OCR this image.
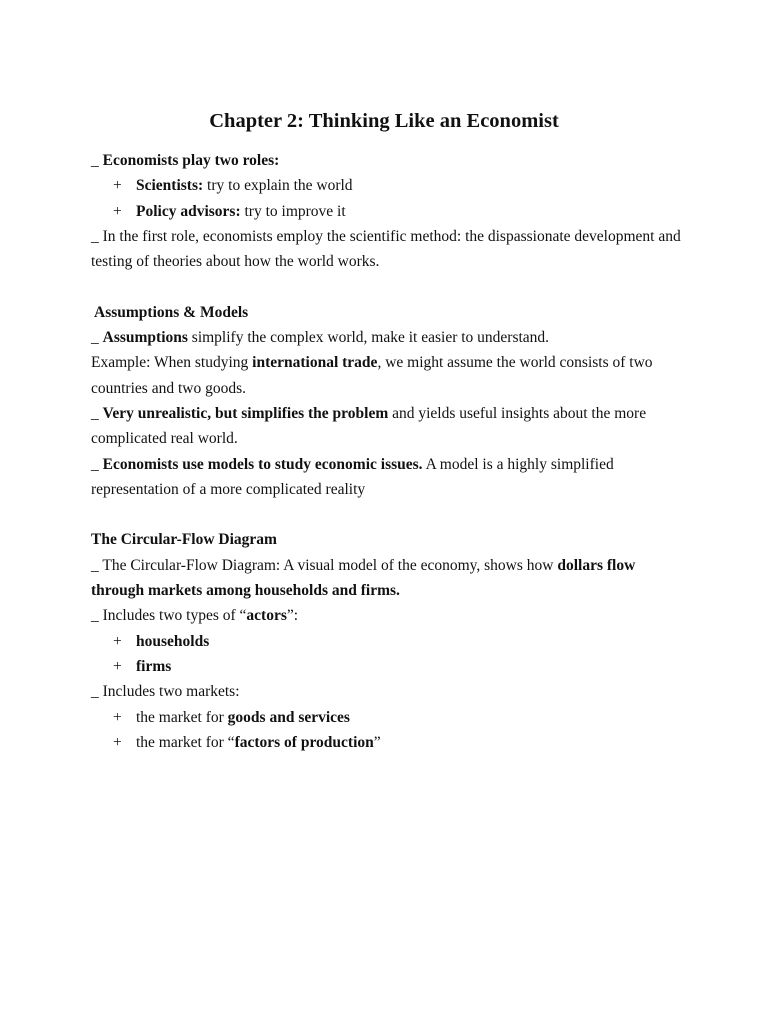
Chapter 2: Thinking Like an Economist
_ Economists play two roles:
+ Scientists: try to explain the world
+ Policy advisors: try to improve it
_ In the first role, economists employ the scientific method: the dispassionate development and
testing of theories about how the world works.
Assumptions & Models
_ Assumptions simplify the complex world, make it easier to understand.
Example: When studying international trade, we might assume the world consists of two
countries and two goods.
_ Very unrealistic, but simplifies the problem and yields useful insights about the more
complicated real world.
_ Economists use models to study economic issues. A model is a highly simplified
representation of a more complicated reality
The Circular-Flow Diagram
_ The Circular-Flow Diagram: A visual model of the economy, shows how dollars flow
through markets among households and firms.
_ Includes two types of “actors”:
+ households
+ firms
_ Includes two markets:
+ the market for goods and services
+ the market for “factors of production”
